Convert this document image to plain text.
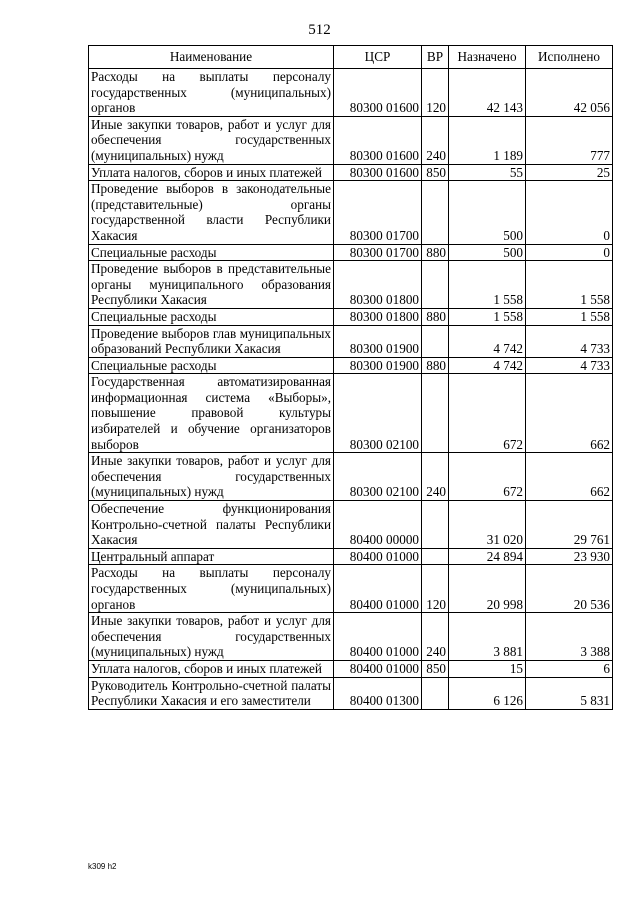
512
Наименование	ЦСР	ВР	Назначено	Исполнено
Расходы на выплаты персоналу государственных (муниципальных) органов	80300 01600	120	42 143	42 056
Иные закупки товаров, работ и услуг для обеспечения государственных (муниципальных) нужд	80300 01600	240	1 189	777
Уплата налогов, сборов и иных платежей	80300 01600	850	55	25
Проведение выборов в законодательные (представительные) органы государственной власти Республики Хакасия	80300 01700		500	0
Специальные расходы	80300 01700	880	500	0
Проведение выборов в представительные органы муниципального образования Республики Хакасия	80300 01800		1 558	1 558
Специальные расходы	80300 01800	880	1 558	1 558
Проведение выборов глав муниципальных образований Республики Хакасия	80300 01900		4 742	4 733
Специальные расходы	80300 01900	880	4 742	4 733
Государственная автоматизированная информационная система «Выборы», повышение правовой культуры избирателей и обучение организаторов выборов	80300 02100		672	662
Иные закупки товаров, работ и услуг для обеспечения государственных (муниципальных) нужд	80300 02100	240	672	662
Обеспечение функционирования Контрольно-счетной палаты Республики Хакасия	80400 00000		31 020	29 761
Центральный аппарат	80400 01000		24 894	23 930
Расходы на выплаты персоналу государственных (муниципальных) органов	80400 01000	120	20 998	20 536
Иные закупки товаров, работ и услуг для обеспечения государственных (муниципальных) нужд	80400 01000	240	3 881	3 388
Уплата налогов, сборов и иных платежей	80400 01000	850	15	6
Руководитель Контрольно-счетной палаты Республики Хакасия и его заместители	80400 01300		6 126	5 831
k309 h2
